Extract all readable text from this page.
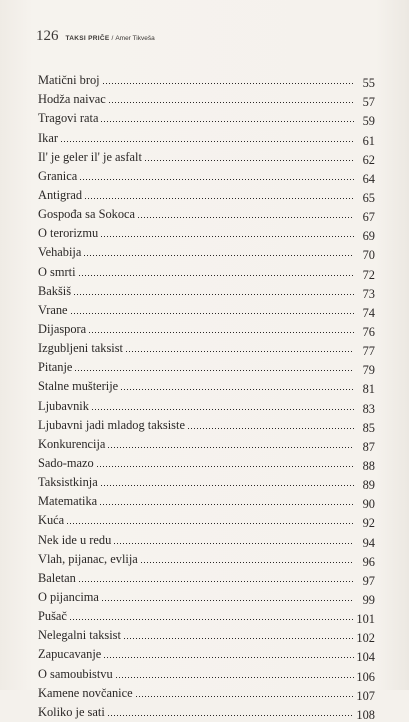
126 TAKSI PRIČE / Amer Tikveša
Matični broj	55
Hodža naivac	57
Tragovi rata	59
Ikar	61
Il' je geler il' je asfalt	62
Granica	64
Antigrad	65
Gospođa sa Sokoca	67
O terorizmu	69
Vehabija	70
O smrti	72
Bakšiš	73
Vrane	74
Dijaspora	76
Izgubljeni taksist	77
Pitanje	79
Stalne mušterije	81
Ljubavnik	83
Ljubavni jadi mladog taksiste	85
Konkurencija	87
Sado-mazo	88
Taksistkinja	89
Matematika	90
Kuća	92
Nek ide u redu	94
Vlah, pijanac, evlija	96
Baletan	97
O pijancima	99
Pušač	101
Nelegalni taksist	102
Zapucavanje	104
O samoubistvu	106
Kamene novčanice	107
Koliko je sati	108
